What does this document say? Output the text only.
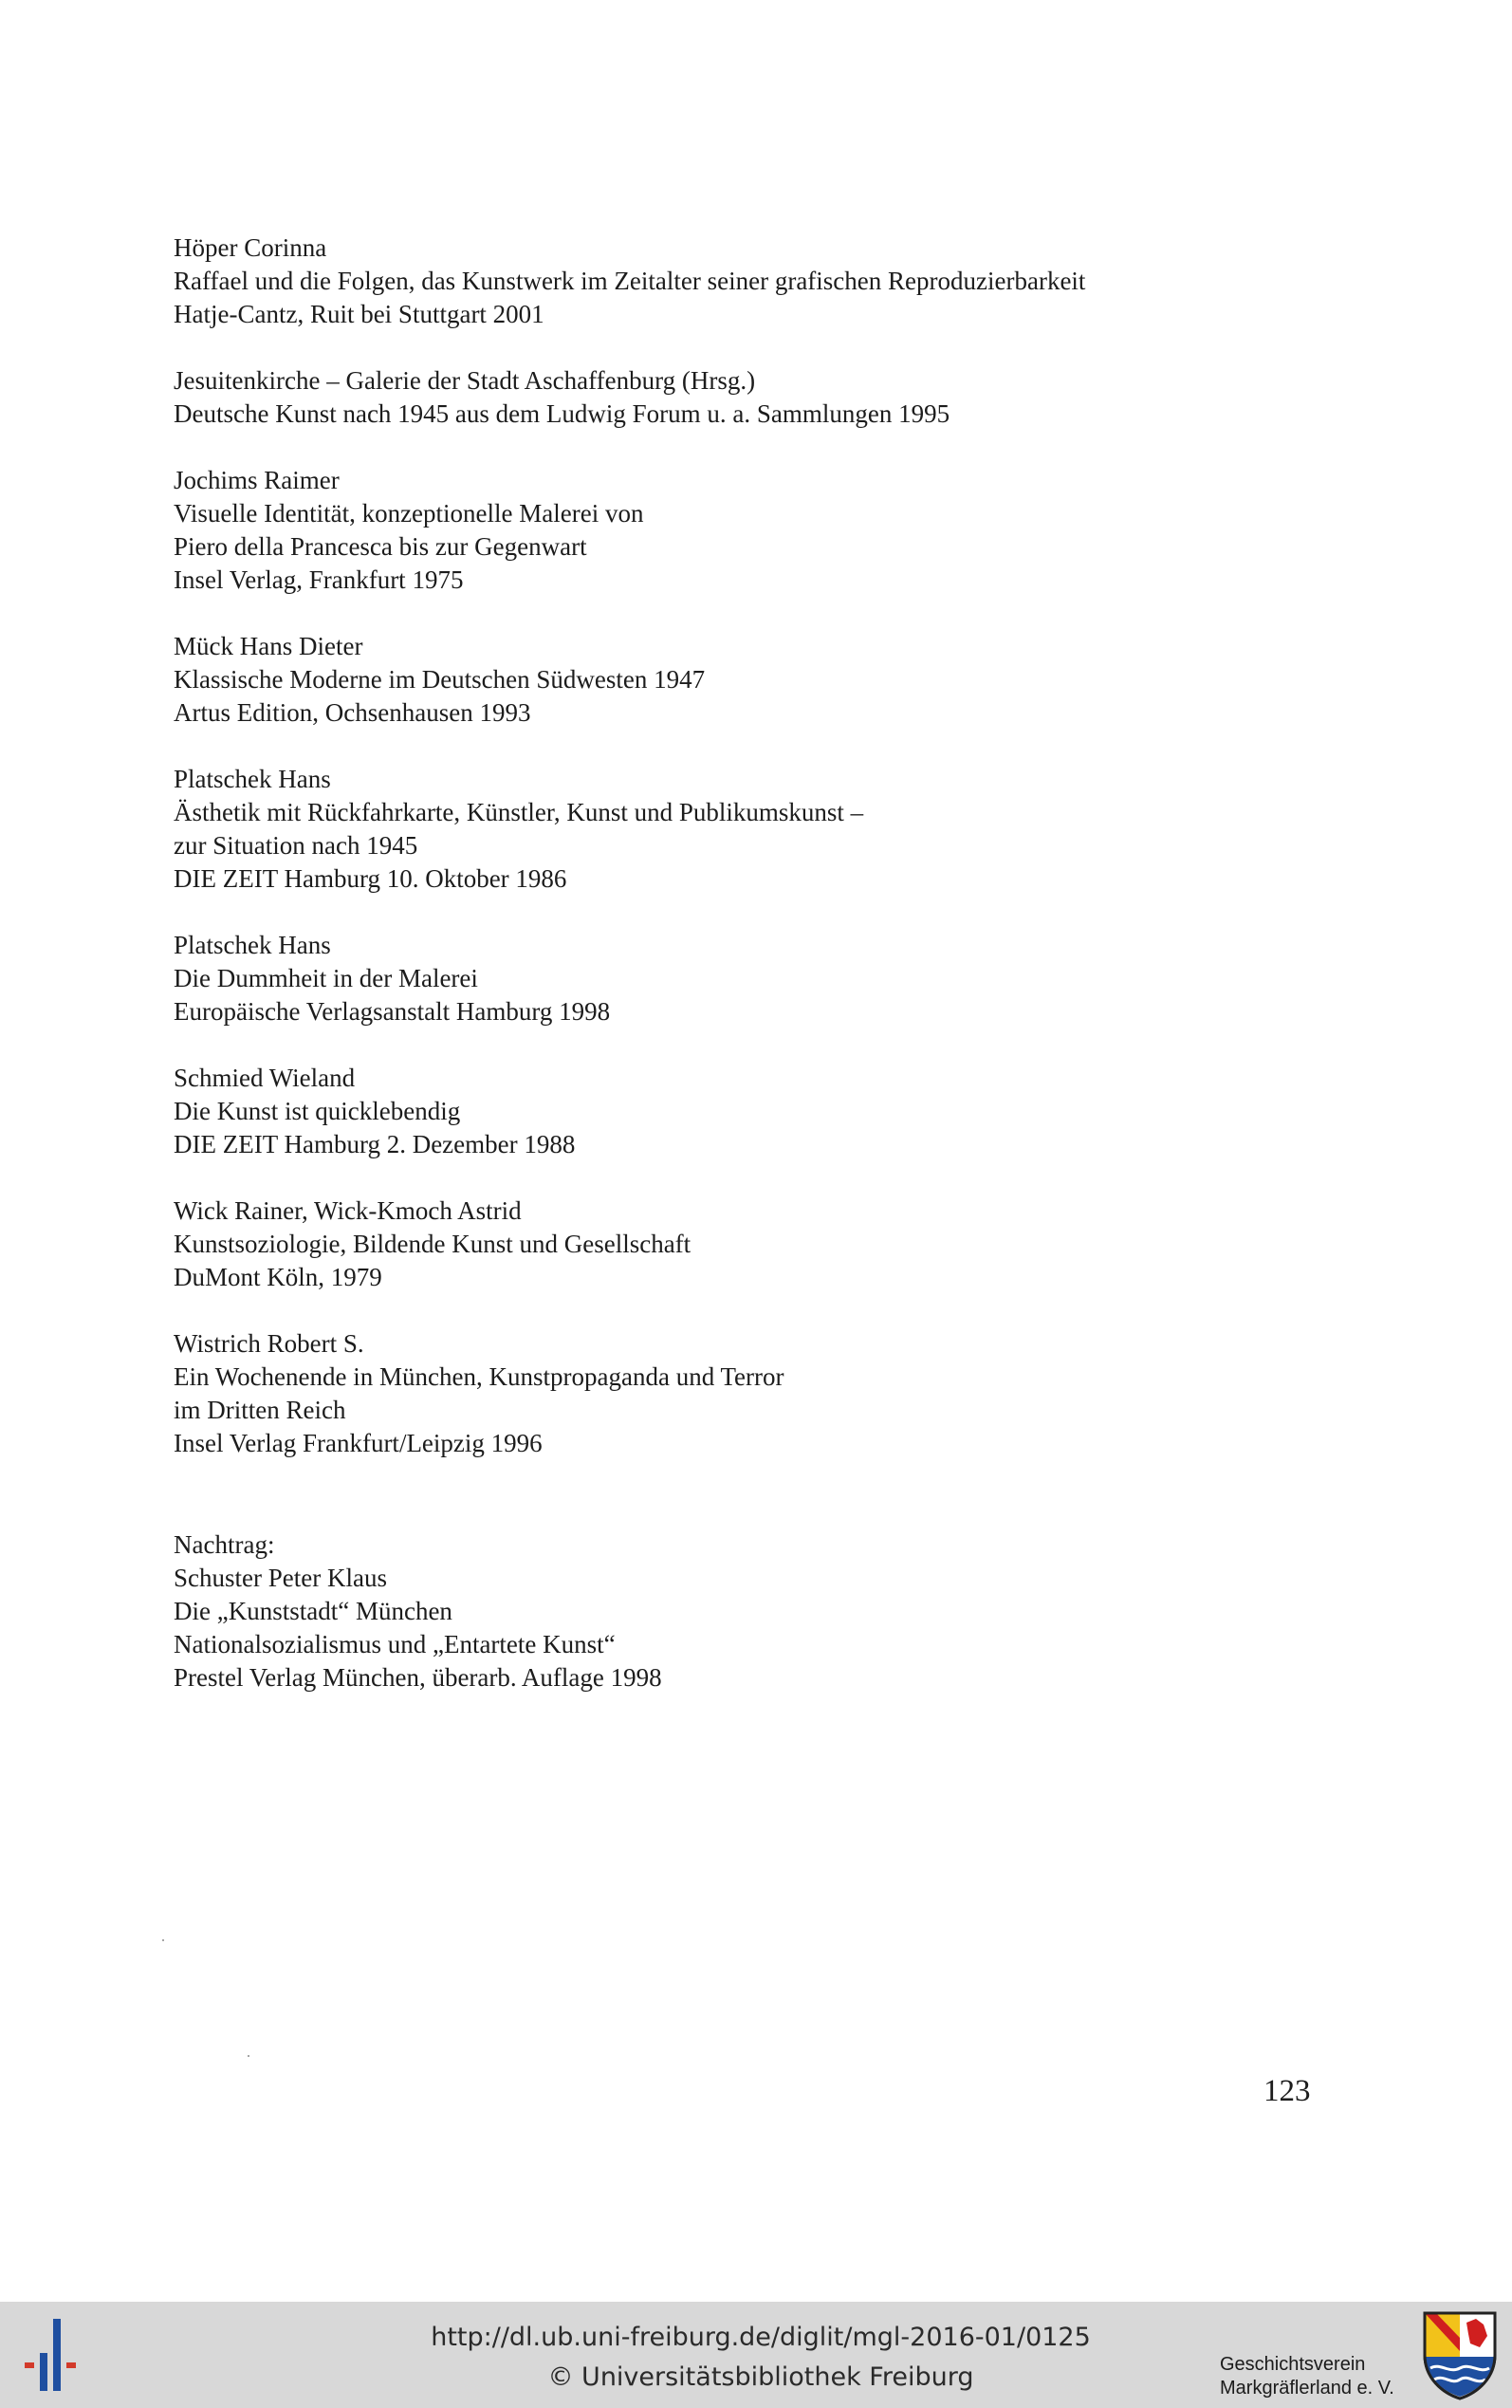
Höper Corinna
Raffael und die Folgen, das Kunstwerk im Zeitalter seiner grafischen Reproduzierbarkeit
Hatje-Cantz, Ruit bei Stuttgart 2001
Jesuitenkirche – Galerie der Stadt Aschaffenburg (Hrsg.)
Deutsche Kunst nach 1945 aus dem Ludwig Forum u. a. Sammlungen 1995
Jochims Raimer
Visuelle Identität, konzeptionelle Malerei von
Piero della Prancesca bis zur Gegenwart
Insel Verlag, Frankfurt 1975
Mück Hans Dieter
Klassische Moderne im Deutschen Südwesten 1947
Artus Edition, Ochsenhausen 1993
Platschek Hans
Ästhetik mit Rückfahrkarte, Künstler, Kunst und Publikumskunst –
zur Situation nach 1945
DIE ZEIT Hamburg 10. Oktober 1986
Platschek Hans
Die Dummheit in der Malerei
Europäische Verlagsanstalt Hamburg 1998
Schmied Wieland
Die Kunst ist quicklebendig
DIE ZEIT Hamburg 2. Dezember 1988
Wick Rainer, Wick-Kmoch Astrid
Kunstsoziologie, Bildende Kunst und Gesellschaft
DuMont Köln, 1979
Wistrich Robert S.
Ein Wochenende in München, Kunstpropaganda und Terror
im Dritten Reich
Insel Verlag Frankfurt/Leipzig 1996
Nachtrag:
Schuster Peter Klaus
Die „Kunststadt“ München
Nationalsozialismus und „Entartete Kunst“
Prestel Verlag München, überarb. Auflage 1998
123
http://dl.ub.uni-freiburg.de/diglit/mgl-2016-01/0125
© Universitätsbibliothek Freiburg	Geschichtsverein
Markgräflerland e. V.
